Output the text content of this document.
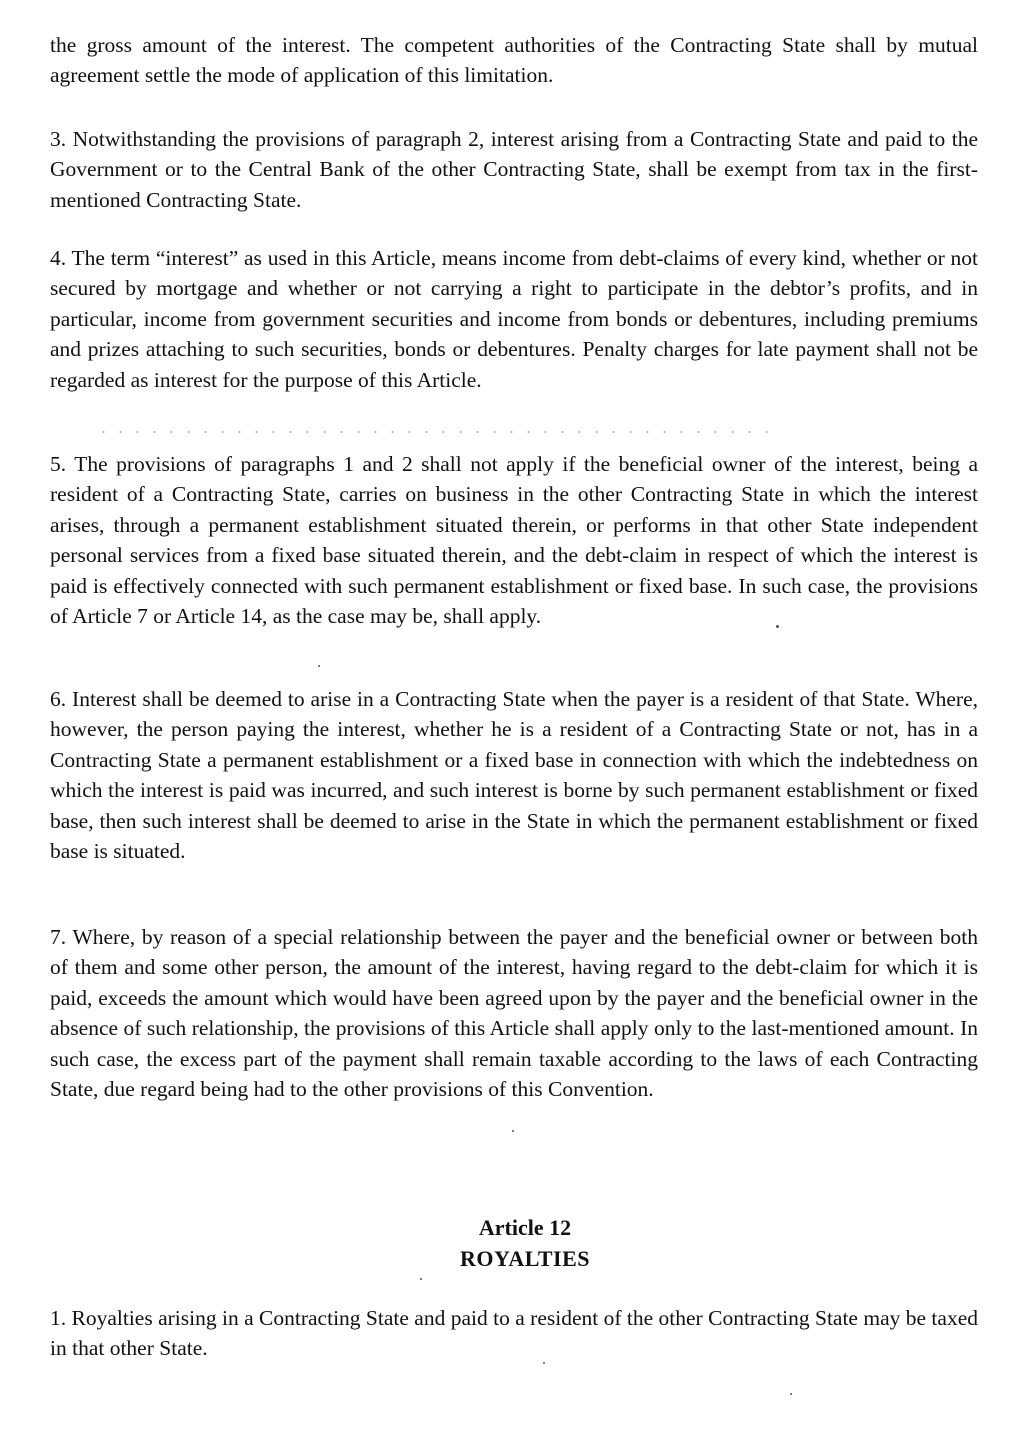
the gross amount of the interest. The competent authorities of the Contracting State shall by mutual agreement settle the mode of application of this limitation.

3. Notwithstanding the provisions of paragraph 2, interest arising from a Contracting State and paid to the Government or to the Central Bank of the other Contracting State, shall be exempt from tax in the first-mentioned Contracting State.

4. The term “interest” as used in this Article, means income from debt-claims of every kind, whether or not secured by mortgage and whether or not carrying a right to participate in the debtor’s profits, and in particular, income from government securities and income from bonds or debentures, including premiums and prizes attaching to such securities, bonds or debentures. Penalty charges for late payment shall not be regarded as interest for the purpose of this Article.

5. The provisions of paragraphs 1 and 2 shall not apply if the beneficial owner of the interest, being a resident of a Contracting State, carries on business in the other Contracting State in which the interest arises, through a permanent establishment situated therein, or performs in that other State independent personal services from a fixed base situated therein, and the debt-claim in respect of which the interest is paid is effectively connected with such permanent establishment or fixed base. In such case, the provisions of Article 7 or Article 14, as the case may be, shall apply.

6. Interest shall be deemed to arise in a Contracting State when the payer is a resident of that State. Where, however, the person paying the interest, whether he is a resident of a Contracting State or not, has in a Contracting State a permanent establishment or a fixed base in connection with which the indebtedness on which the interest is paid was incurred, and such interest is borne by such permanent establishment or fixed base, then such interest shall be deemed to arise in the State in which the permanent establishment or fixed base is situated.

7. Where, by reason of a special relationship between the payer and the beneficial owner or between both of them and some other person, the amount of the interest, having regard to the debt-claim for which it is paid, exceeds the amount which would have been agreed upon by the payer and the beneficial owner in the absence of such relationship, the provisions of this Article shall apply only to the last-mentioned amount. In such case, the excess part of the payment shall remain taxable according to the laws of each Contracting State, due regard being had to the other provisions of this Convention.

Article 12
ROYALTIES

1. Royalties arising in a Contracting State and paid to a resident of the other Contracting State may be taxed in that other State.
